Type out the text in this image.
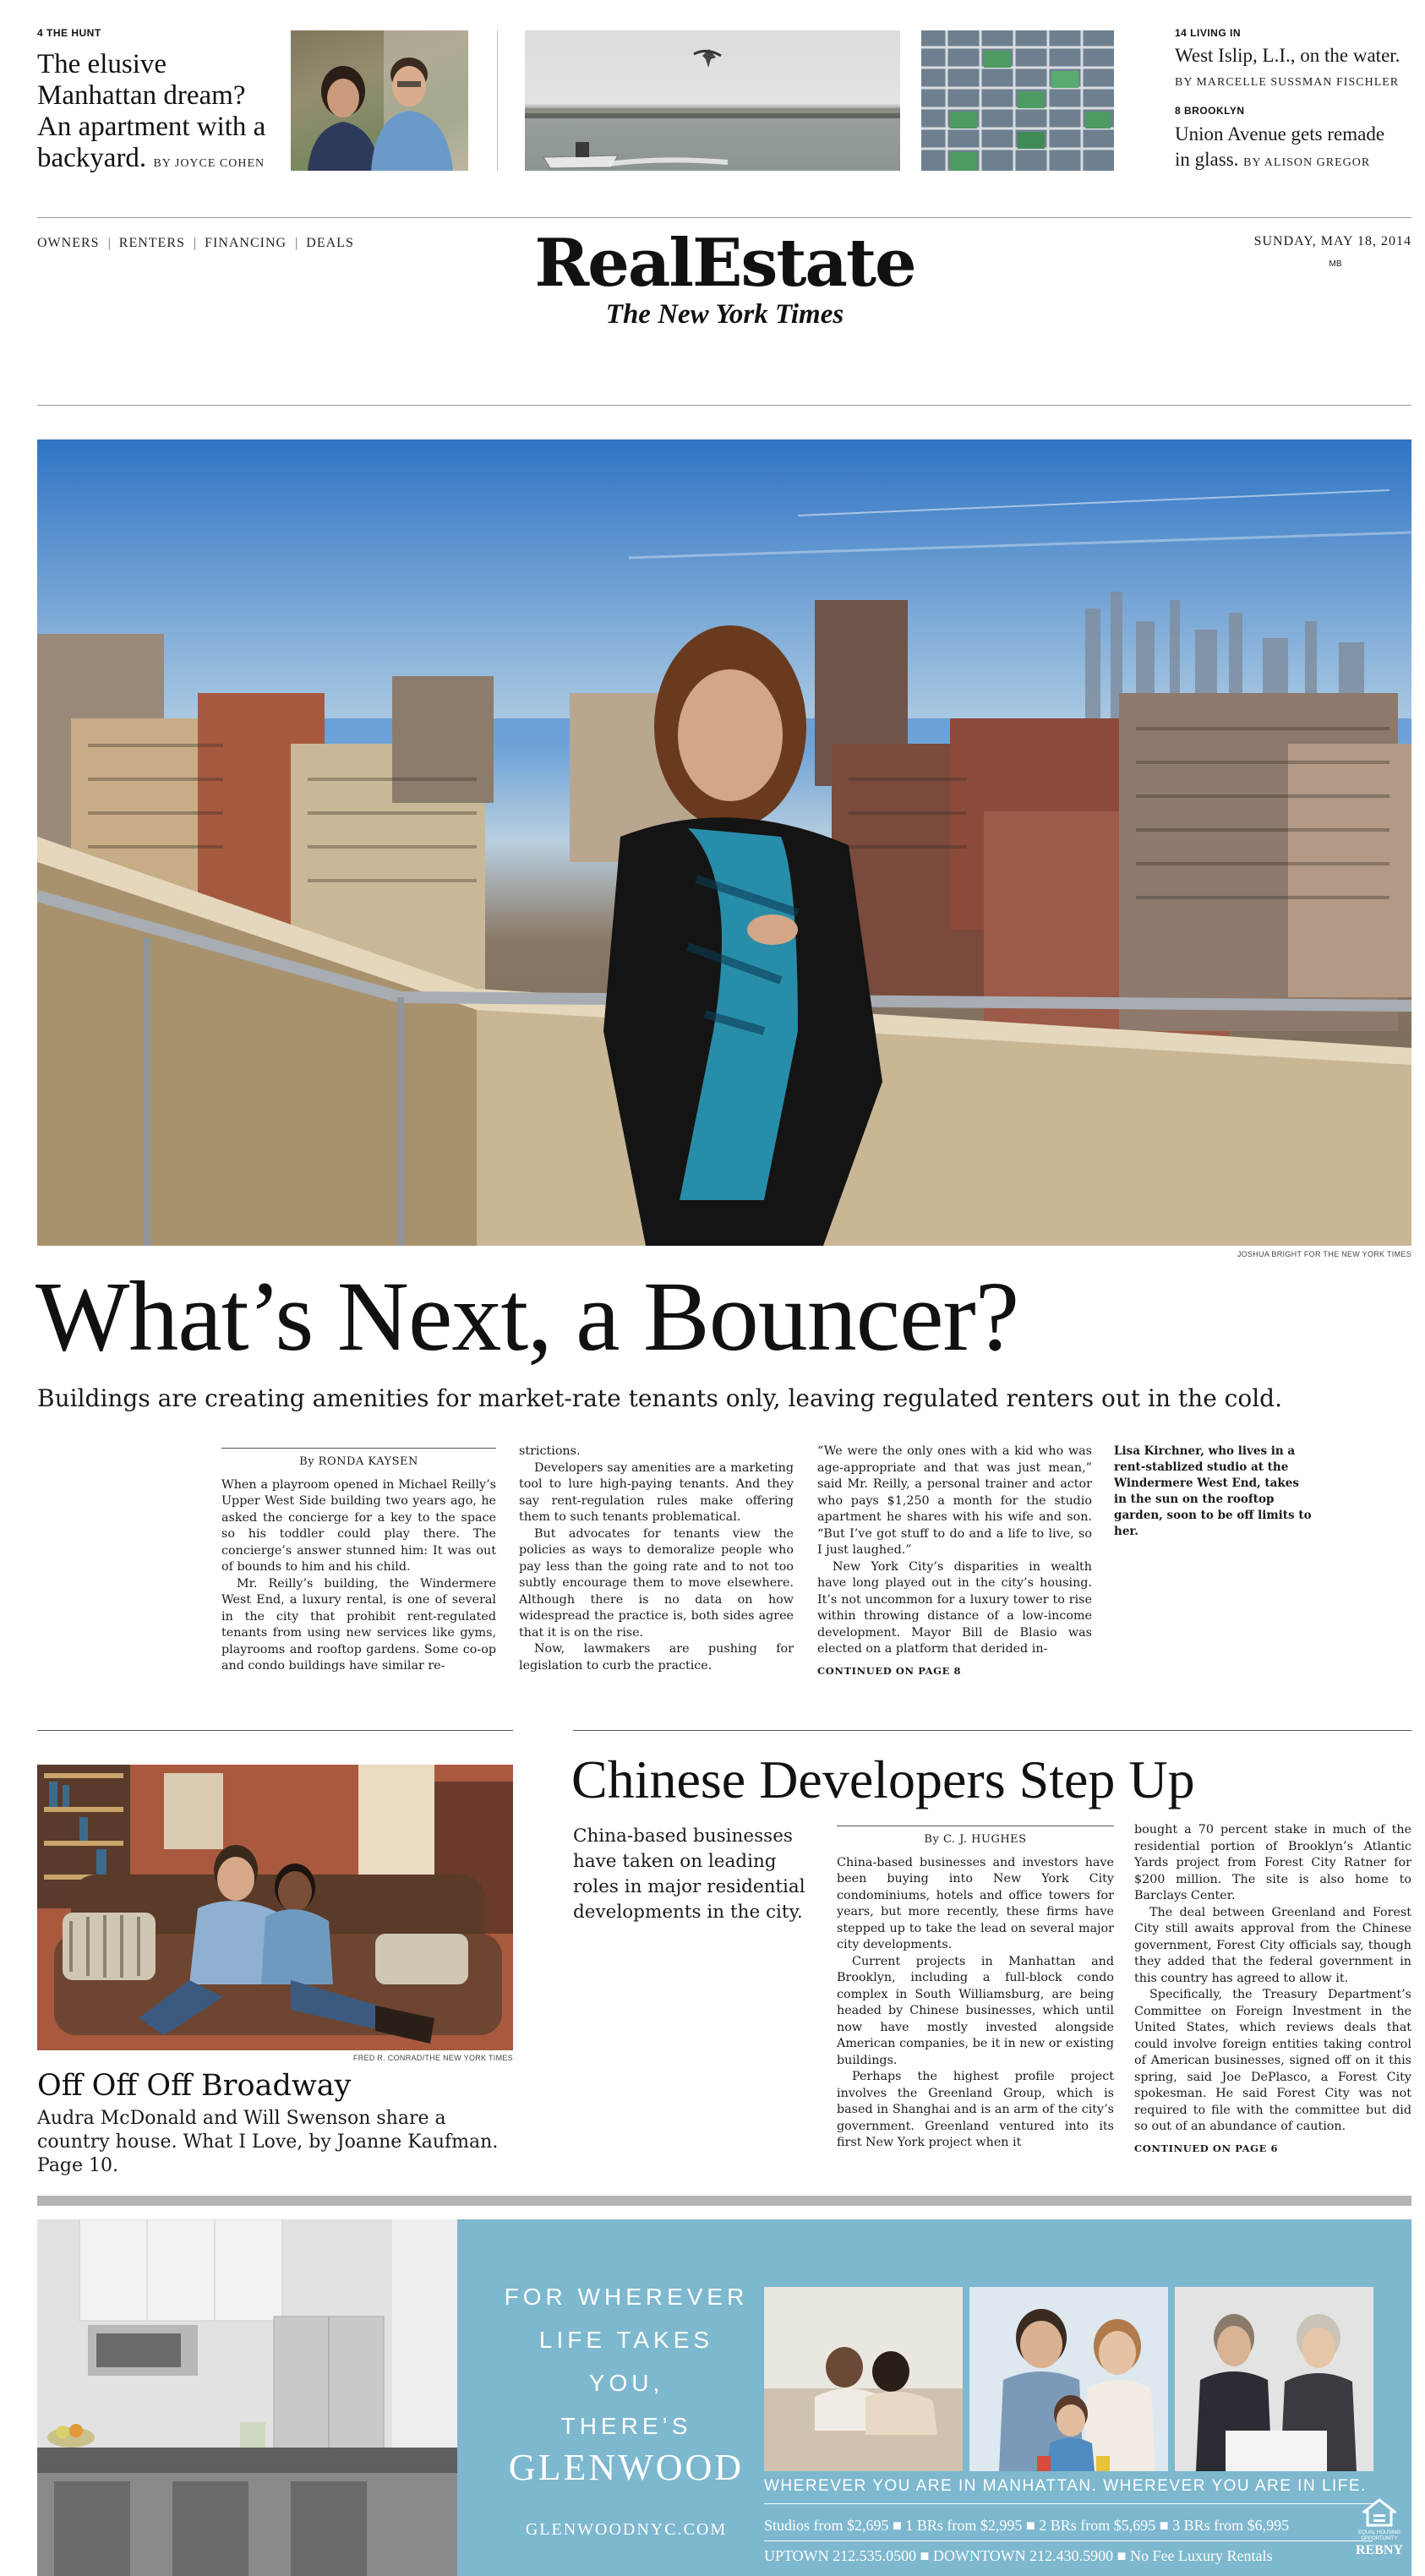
4 THE HUNT
The elusive
Manhattan dream?
An apartment with a
backyard. BY JOYCE COHEN
14 LIVING IN
West Islip, L.I., on the water.
BY MARCELLE SUSSMAN FISCHLER
8 BROOKLYN
Union Avenue gets remade
in glass. BY ALISON GREGOR
OWNERS | RENTERS | FINANCING | DEALS	RealEstate
The New York Times
SUNDAY, MAY 18, 2014
MB
JOSHUA BRIGHT FOR THE NEW YORK TIMES
What’s Next, a Bouncer?
Buildings are creating amenities for market-rate tenants only, leaving regulated renters out in the cold.
By RONDA KAYSEN

When a playroom opened in Michael Reilly’s Upper West Side building two years ago, he asked the concierge for a key to the space so his toddler could play there. The concierge’s answer stunned him: It was out of bounds to him and his child.

Mr. Reilly’s building, the Windermere West End, a luxury rental, is one of several in the city that prohibit rent-regulated tenants from using new services like gyms, playrooms and rooftop gardens. Some co-op and condo buildings have similar re-

strictions.

Developers say amenities are a marketing tool to lure high-paying tenants. And they say rent-regulation rules make offering them to such tenants problematical.

But advocates for tenants view the policies as ways to demoralize people who pay less than the going rate and to not too subtly encourage them to move elsewhere. Although there is no data on how widespread the practice is, both sides agree that it is on the rise.

Now, lawmakers are pushing for legislation to curb the practice.

“We were the only ones with a kid who was age-appropriate and that was just mean,” said Mr. Reilly, a personal trainer and actor who pays $1,250 a month for the studio apartment he shares with his wife and son. “But I’ve got stuff to do and a life to live, so I just laughed.”

New York City’s disparities in wealth have long played out in the city’s housing. It’s not uncommon for a luxury tower to rise within throwing distance of a low-income development. Mayor Bill de Blasio was elected on a platform that derided in-

CONTINUED ON PAGE 8
Lisa Kirchner, who lives in a rent-stablized studio at the Windermere West End, takes in the sun on the rooftop garden, soon to be off limits to her.
FRED R. CONRAD/THE NEW YORK TIMES
Off Off Off Broadway
Audra McDonald and Will Swenson share a country house. What I Love, by Joanne Kaufman. Page 10.
Chinese Developers Step Up
China-based businesses have taken on leading roles in major residential developments in the city.
By C. J. HUGHES

China-based businesses and investors have been buying into New York City condominiums, hotels and office towers for years, but more recently, these firms have stepped up to take the lead on several major city developments.

Current projects in Manhattan and Brooklyn, including a full-block condo complex in South Williamsburg, are being headed by Chinese businesses, which until now have mostly invested alongside American companies, be it in new or existing buildings.

Perhaps the highest profile project involves the Greenland Group, which is based in Shanghai and is an arm of the city’s government. Greenland ventured into its first New York project when it

bought a 70 percent stake in much of the residential portion of Brooklyn’s Atlantic Yards project from Forest City Ratner for $200 million. The site is also home to Barclays Center.

The deal between Greenland and Forest City still awaits approval from the Chinese government, Forest City officials say, though they added that the federal government in this country has agreed to allow it.

Specifically, the Treasury Department’s Committee on Foreign Investment in the United States, which reviews deals that could involve foreign entities taking control of American businesses, signed off on it this spring, said Joe DePlasco, a Forest City spokesman. He said Forest City was not required to file with the committee but did so out of an abundance of caution.

CONTINUED ON PAGE 6
FOR WHEREVER
LIFE TAKES
YOU,
THERE’S
GLENWOOD
GLENWOODNYC.COM
WHEREVER YOU ARE IN MANHATTAN. WHEREVER YOU ARE IN LIFE.
Studios from $2,695 ■ 1 BRs from $2,995 ■ 2 BRs from $5,695 ■ 3 BRs from $6,995
UPTOWN 212.535.0500 ■ DOWNTOWN 212.430.5900 ■ No Fee Luxury Rentals
EQUAL HOUSING OPPORTUNITY
REBNY
